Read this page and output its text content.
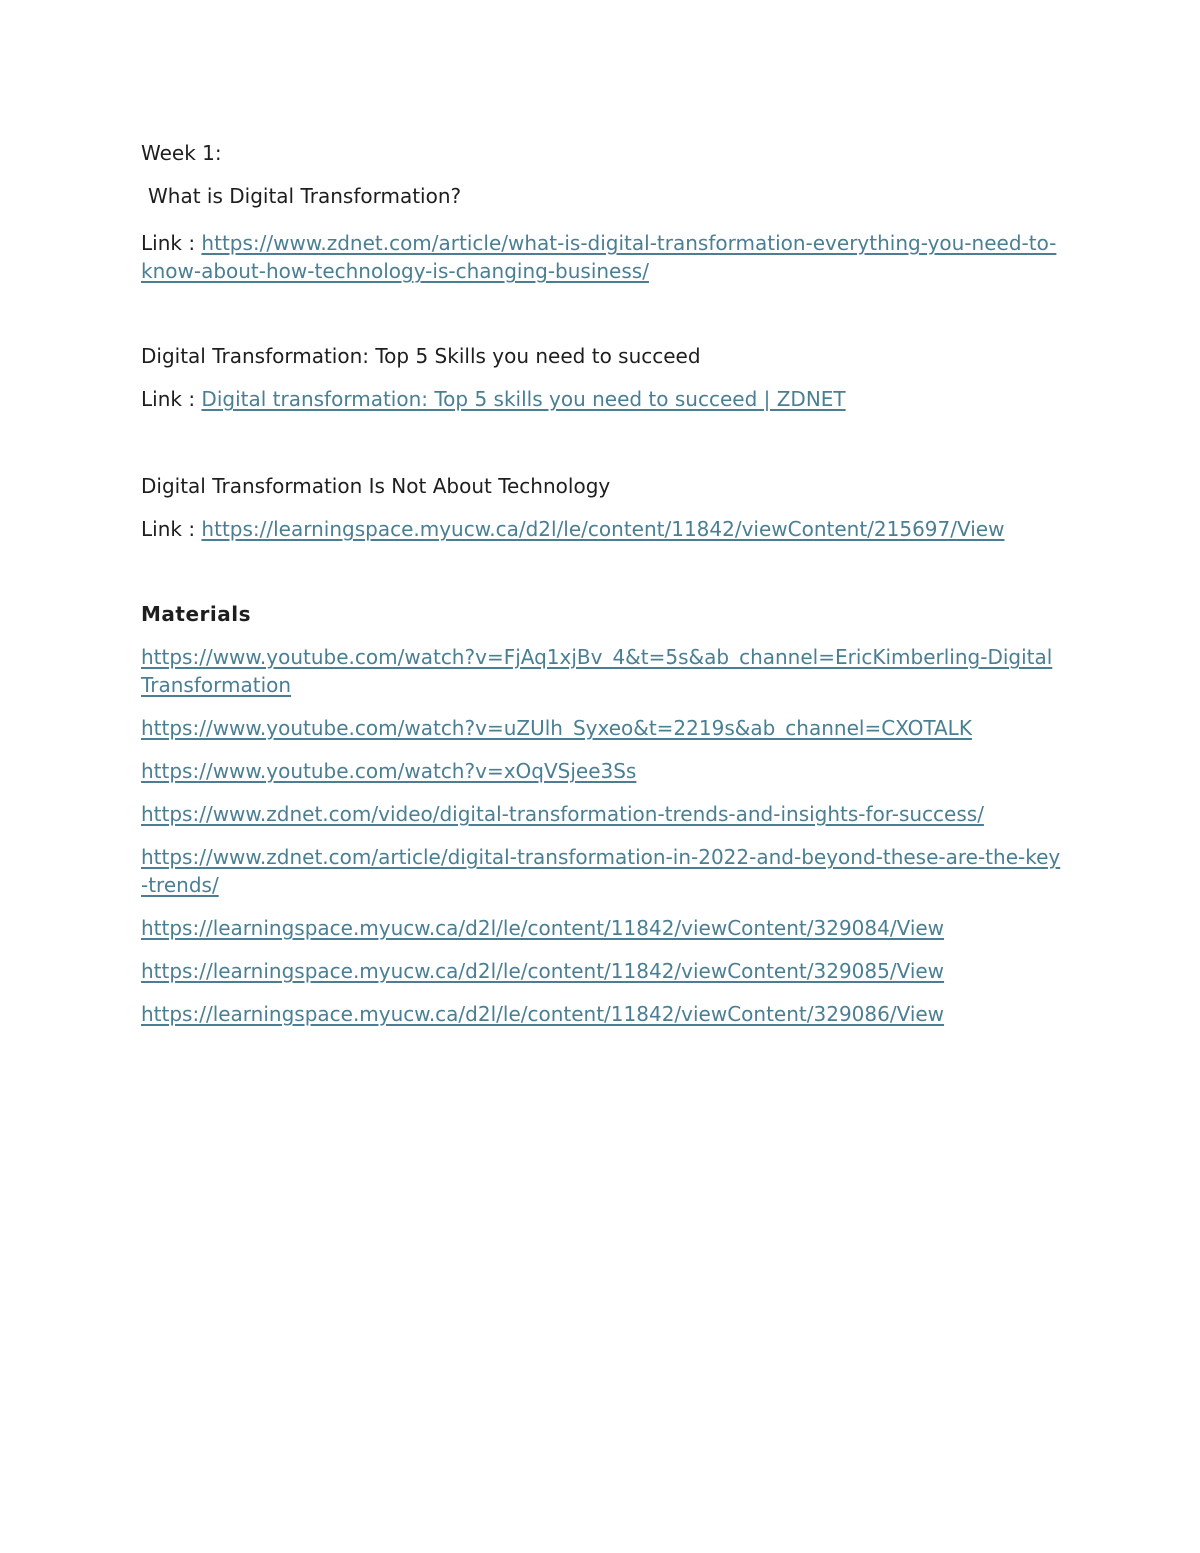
Week 1:

What is Digital Transformation?

Link : https://www.zdnet.com/article/what-is-digital-transformation-everything-you-need-to-know-about-how-technology-is-changing-business/

Digital Transformation: Top 5 Skills you need to succeed

Link : Digital transformation: Top 5 skills you need to succeed | ZDNET

Digital Transformation Is Not About Technology

Link : https://learningspace.myucw.ca/d2l/le/content/11842/viewContent/215697/View

Materials

https://www.youtube.com/watch?v=FjAq1xjBv_4&t=5s&ab_channel=EricKimberling-DigitalTransformation

https://www.youtube.com/watch?v=uZUlh_Syxeo&t=2219s&ab_channel=CXOTALK

https://www.youtube.com/watch?v=xOqVSjee3Ss

https://www.zdnet.com/video/digital-transformation-trends-and-insights-for-success/

https://www.zdnet.com/article/digital-transformation-in-2022-and-beyond-these-are-the-key-trends/

https://learningspace.myucw.ca/d2l/le/content/11842/viewContent/329084/View

https://learningspace.myucw.ca/d2l/le/content/11842/viewContent/329085/View

https://learningspace.myucw.ca/d2l/le/content/11842/viewContent/329086/View
